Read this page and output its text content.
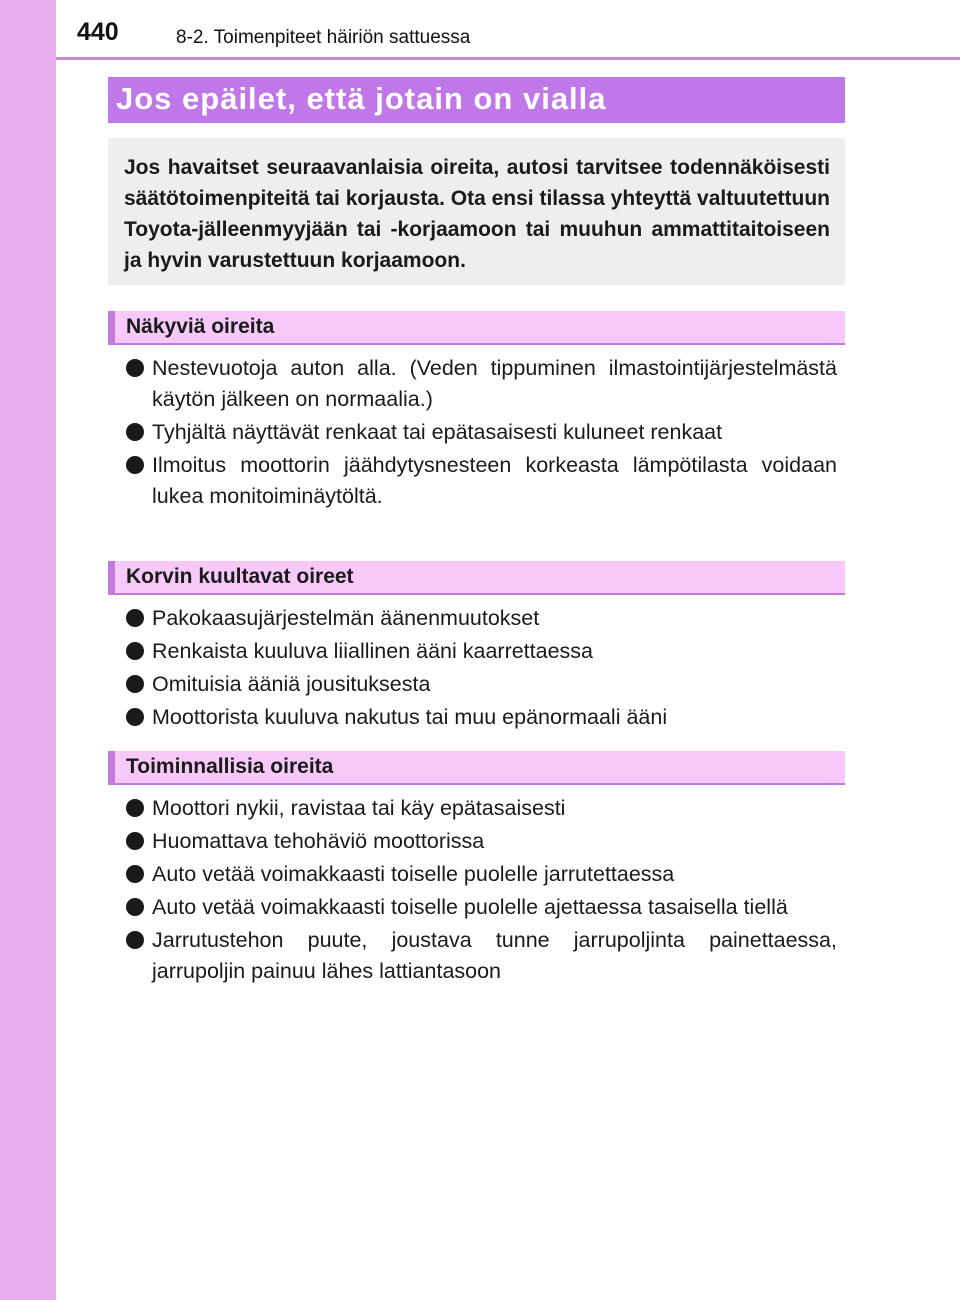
440	8-2. Toimenpiteet häiriön sattuessa
Jos epäilet, että jotain on vialla
Jos havaitset seuraavanlaisia oireita, autosi tarvitsee todennäköisesti säätötoimenpiteitä tai korjausta. Ota ensi tilassa yhteyttä valtuutettuun Toyota-jälleenmyyjään tai -korjaamoon tai muuhun ammattitaitoiseen ja hyvin varustettuun korjaamoon.
Näkyviä oireita
Nestevuotoja auton alla. (Veden tippuminen ilmastointijärjestelmästä käytön jälkeen on normaalia.)
Tyhjältä näyttävät renkaat tai epätasaisesti kuluneet renkaat
Ilmoitus moottorin jäähdytysnesteen korkeasta lämpötilasta voidaan lukea monitoiminäytöltä.
Korvin kuultavat oireet
Pakokaasujärjestelmän äänenmuutokset
Renkaista kuuluva liiallinen ääni kaarrettaessa
Omituisia ääniä jousituksesta
Moottorista kuuluva nakutus tai muu epänormaali ääni
Toiminnallisia oireita
Moottori nykii, ravistaa tai käy epätasaisesti
Huomattava tehohäviö moottorissa
Auto vetää voimakkaasti toiselle puolelle jarrutettaessa
Auto vetää voimakkaasti toiselle puolelle ajettaessa tasaisella tiellä
Jarrutustehon puute, joustava tunne jarrupoljinta painettaessa, jarrupoljin painuu lähes lattiantasoon
